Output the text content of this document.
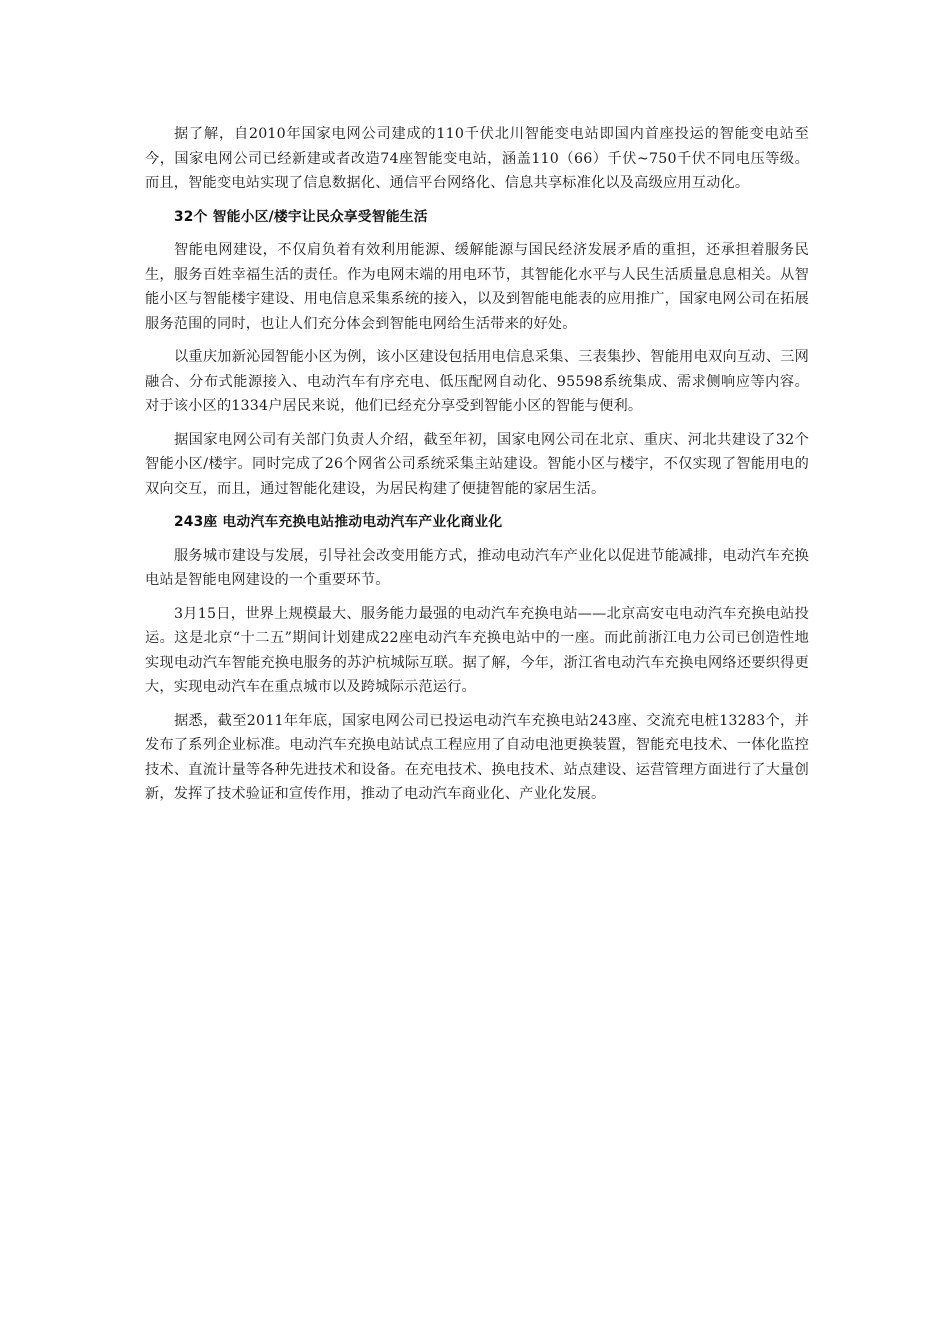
据了解，自2010年国家电网公司建成的110千伏北川智能变电站即国内首座投运的智能变电站至今，国家电网公司已经新建或者改造74座智能变电站，涵盖110（66）千伏~750千伏不同电压等级。而且，智能变电站实现了信息数据化、通信平台网络化、信息共享标准化以及高级应用互动化。

32个 智能小区/楼宇让民众享受智能生活

智能电网建设，不仅肩负着有效利用能源、缓解能源与国民经济发展矛盾的重担，还承担着服务民生，服务百姓幸福生活的责任。作为电网末端的用电环节，其智能化水平与人民生活质量息息相关。从智能小区与智能楼宇建设、用电信息采集系统的接入，以及到智能电能表的应用推广，国家电网公司在拓展服务范围的同时，也让人们充分体会到智能电网给生活带来的好处。

以重庆加新沁园智能小区为例，该小区建设包括用电信息采集、三表集抄、智能用电双向互动、三网融合、分布式能源接入、电动汽车有序充电、低压配网自动化、95598系统集成、需求侧响应等内容。对于该小区的1334户居民来说，他们已经充分享受到智能小区的智能与便利。

据国家电网公司有关部门负责人介绍，截至年初，国家电网公司在北京、重庆、河北共建设了32个智能小区/楼宇。同时完成了26个网省公司系统采集主站建设。智能小区与楼宇，不仅实现了智能用电的双向交互，而且，通过智能化建设，为居民构建了便捷智能的家居生活。

243座 电动汽车充换电站推动电动汽车产业化商业化

服务城市建设与发展，引导社会改变用能方式，推动电动汽车产业化以促进节能减排，电动汽车充换电站是智能电网建设的一个重要环节。

3月15日，世界上规模最大、服务能力最强的电动汽车充换电站——北京高安屯电动汽车充换电站投运。这是北京“十二五”期间计划建成22座电动汽车充换电站中的一座。而此前浙江电力公司已创造性地实现电动汽车智能充换电服务的苏沪杭城际互联。据了解，今年，浙江省电动汽车充换电网络还要织得更大，实现电动汽车在重点城市以及跨城际示范运行。

据悉，截至2011年年底，国家电网公司已投运电动汽车充换电站243座、交流充电桩13283个，并发布了系列企业标准。电动汽车充换电站试点工程应用了自动电池更换装置，智能充电技术、一体化监控技术、直流计量等各种先进技术和设备。在充电技术、换电技术、站点建设、运营管理方面进行了大量创新，发挥了技术验证和宣传作用，推动了电动汽车商业化、产业化发展。
